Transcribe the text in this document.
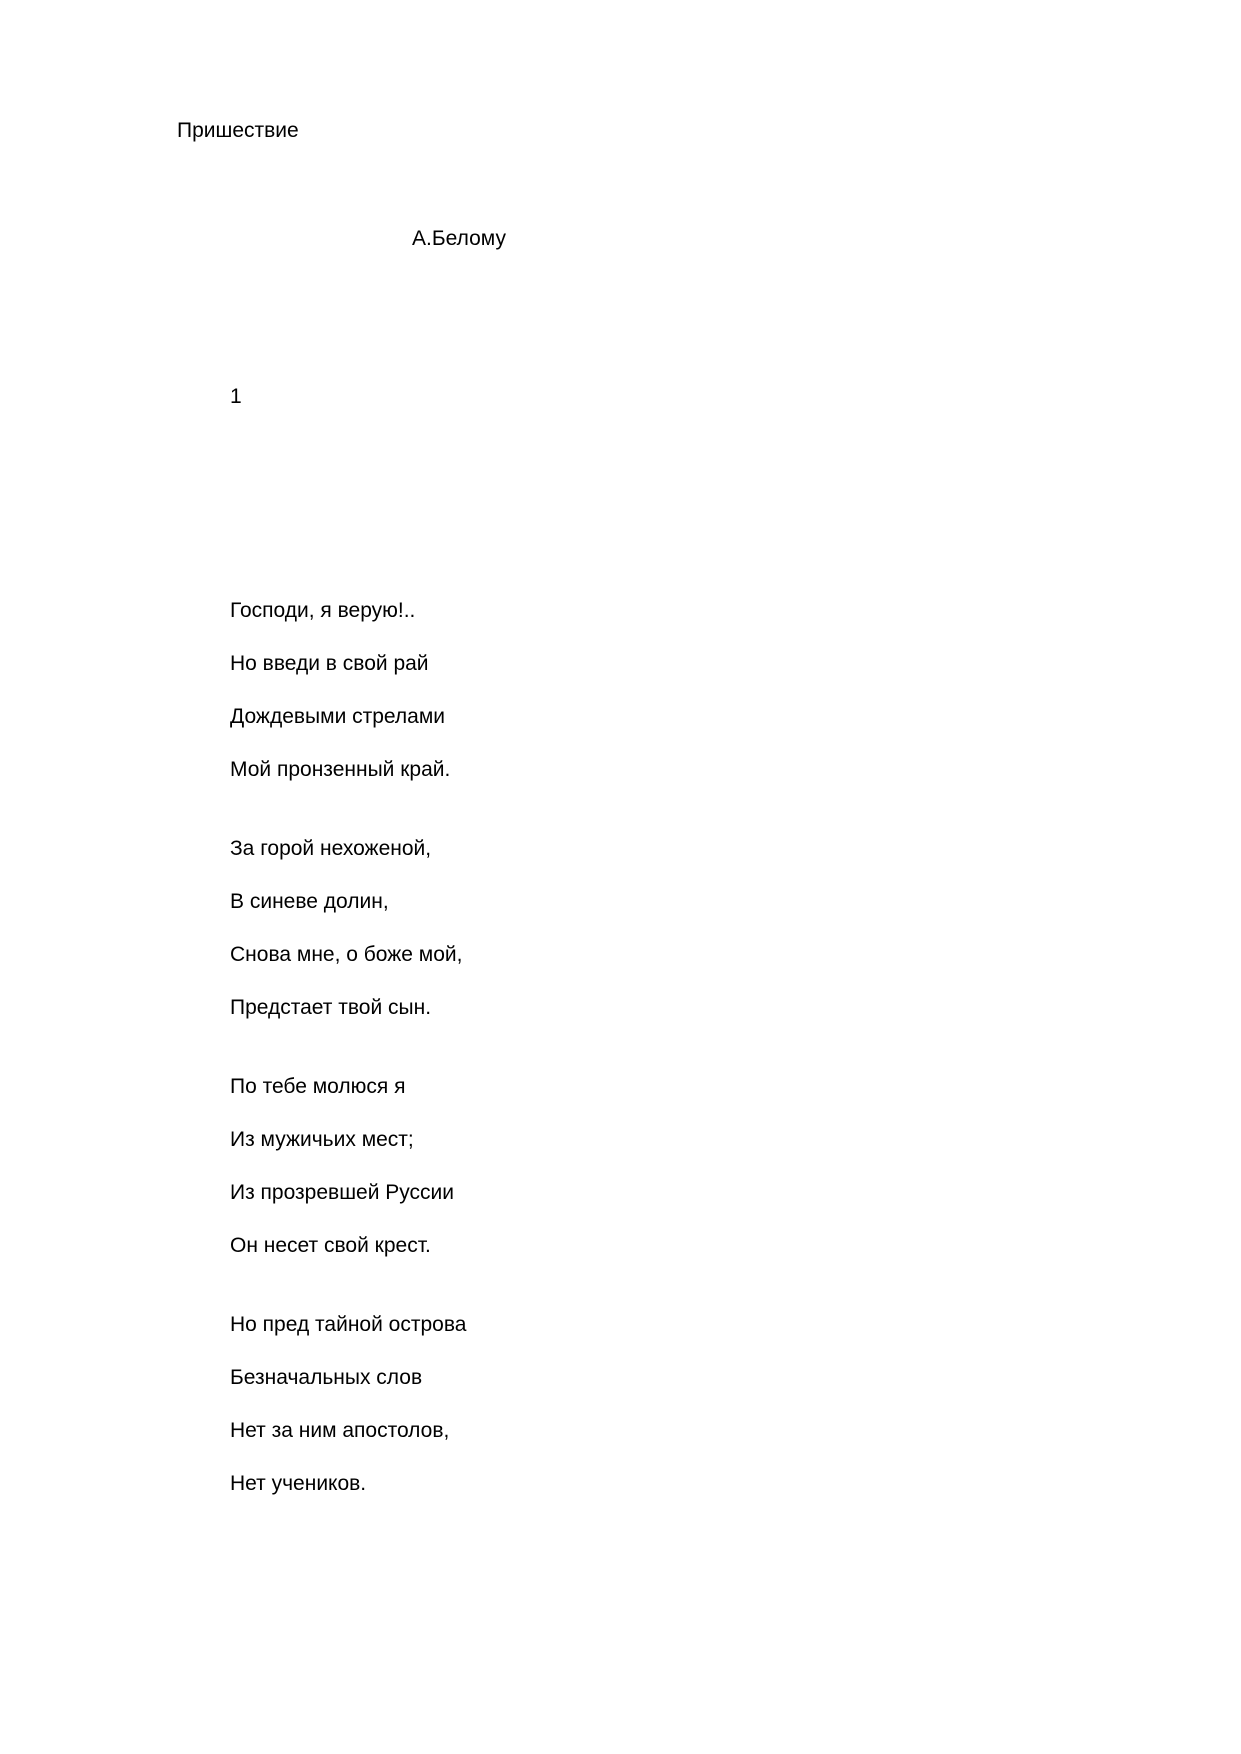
Пришествие
А.Белому
1
Господи, я верую!..
Но введи в свой рай
Дождевыми стрелами
Мой пронзенный край.
За горой нехоженой,
В синеве долин,
Снова мне, о боже мой,
Предстает твой сын.
По тебе молюся я
Из мужичьих мест;
Из прозревшей Руссии
Он несет свой крест.
Но пред тайной острова
Безначальных слов
Нет за ним апостолов,
Нет учеников.
